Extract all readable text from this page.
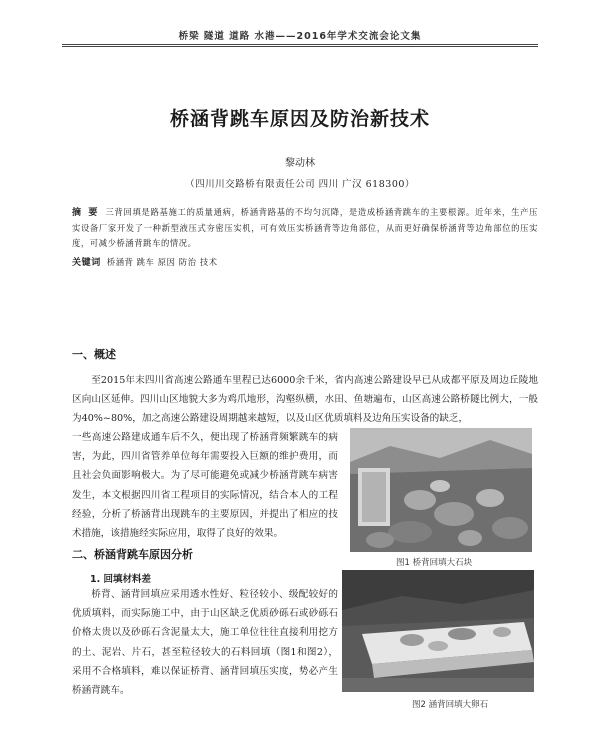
桥梁 隧道 道路 水港——2016年学术交流会论文集
桥涵背跳车原因及防治新技术
黎动林
（四川川交路桥有限责任公司 四川 广汉 618300）
摘 要 三背回填是路基施工的质量通病，桥涵背路基的不均匀沉降，是造成桥涵背跳车的主要根源。近年来，生产压实设备厂家开发了一种新型液压式夯密压实机，可有效压实桥涵背等边角部位，从而更好确保桥涵背等边角部位的压实度，可减少桥涵背跳车的情况。
关键词 桥涵背 跳车 原因 防治 技术
一、概述
至2015年末四川省高速公路通车里程已达6000余千米，省内高速公路建设早已从成都平原及周边丘陵地区向山区延伸。四川山区地貌大多为鸡爪地形，沟壑纵横，水田、鱼塘遍布，山区高速公路桥隧比例大，一般为40%~80%，加之高速公路建设周期越来越短，以及山区优质填料及边角压实设备的缺乏，
一些高速公路建成通车后不久，便出现了桥涵背频繁跳车的病害，为此，四川省管养单位每年需要投入巨额的维护费用，而且社会负面影响极大。为了尽可能避免或减少桥涵背跳车病害发生，本文根据四川省工程项目的实际情况，结合本人的工程经验，分析了桥涵背出现跳车的主要原因，并提出了相应的技术措施，该措施经实际应用，取得了良好的效果。
二、桥涵背跳车原因分析
1. 回填材料差
桥背、涵背回填应采用透水性好、粒径较小、级配较好的优质填料，而实际施工中，由于山区缺乏优质砂砾石或砂砾石价格太贵以及砂砾石含泥量太大，施工单位往往直接利用挖方的土、泥岩、片石，甚至粒径较大的石料回填（图1和图2），采用不合格填料，难以保证桥背、涵背回填压实度，势必产生桥涵背跳车。
图1 桥背回填大石块
图2 涵背回填大卵石
